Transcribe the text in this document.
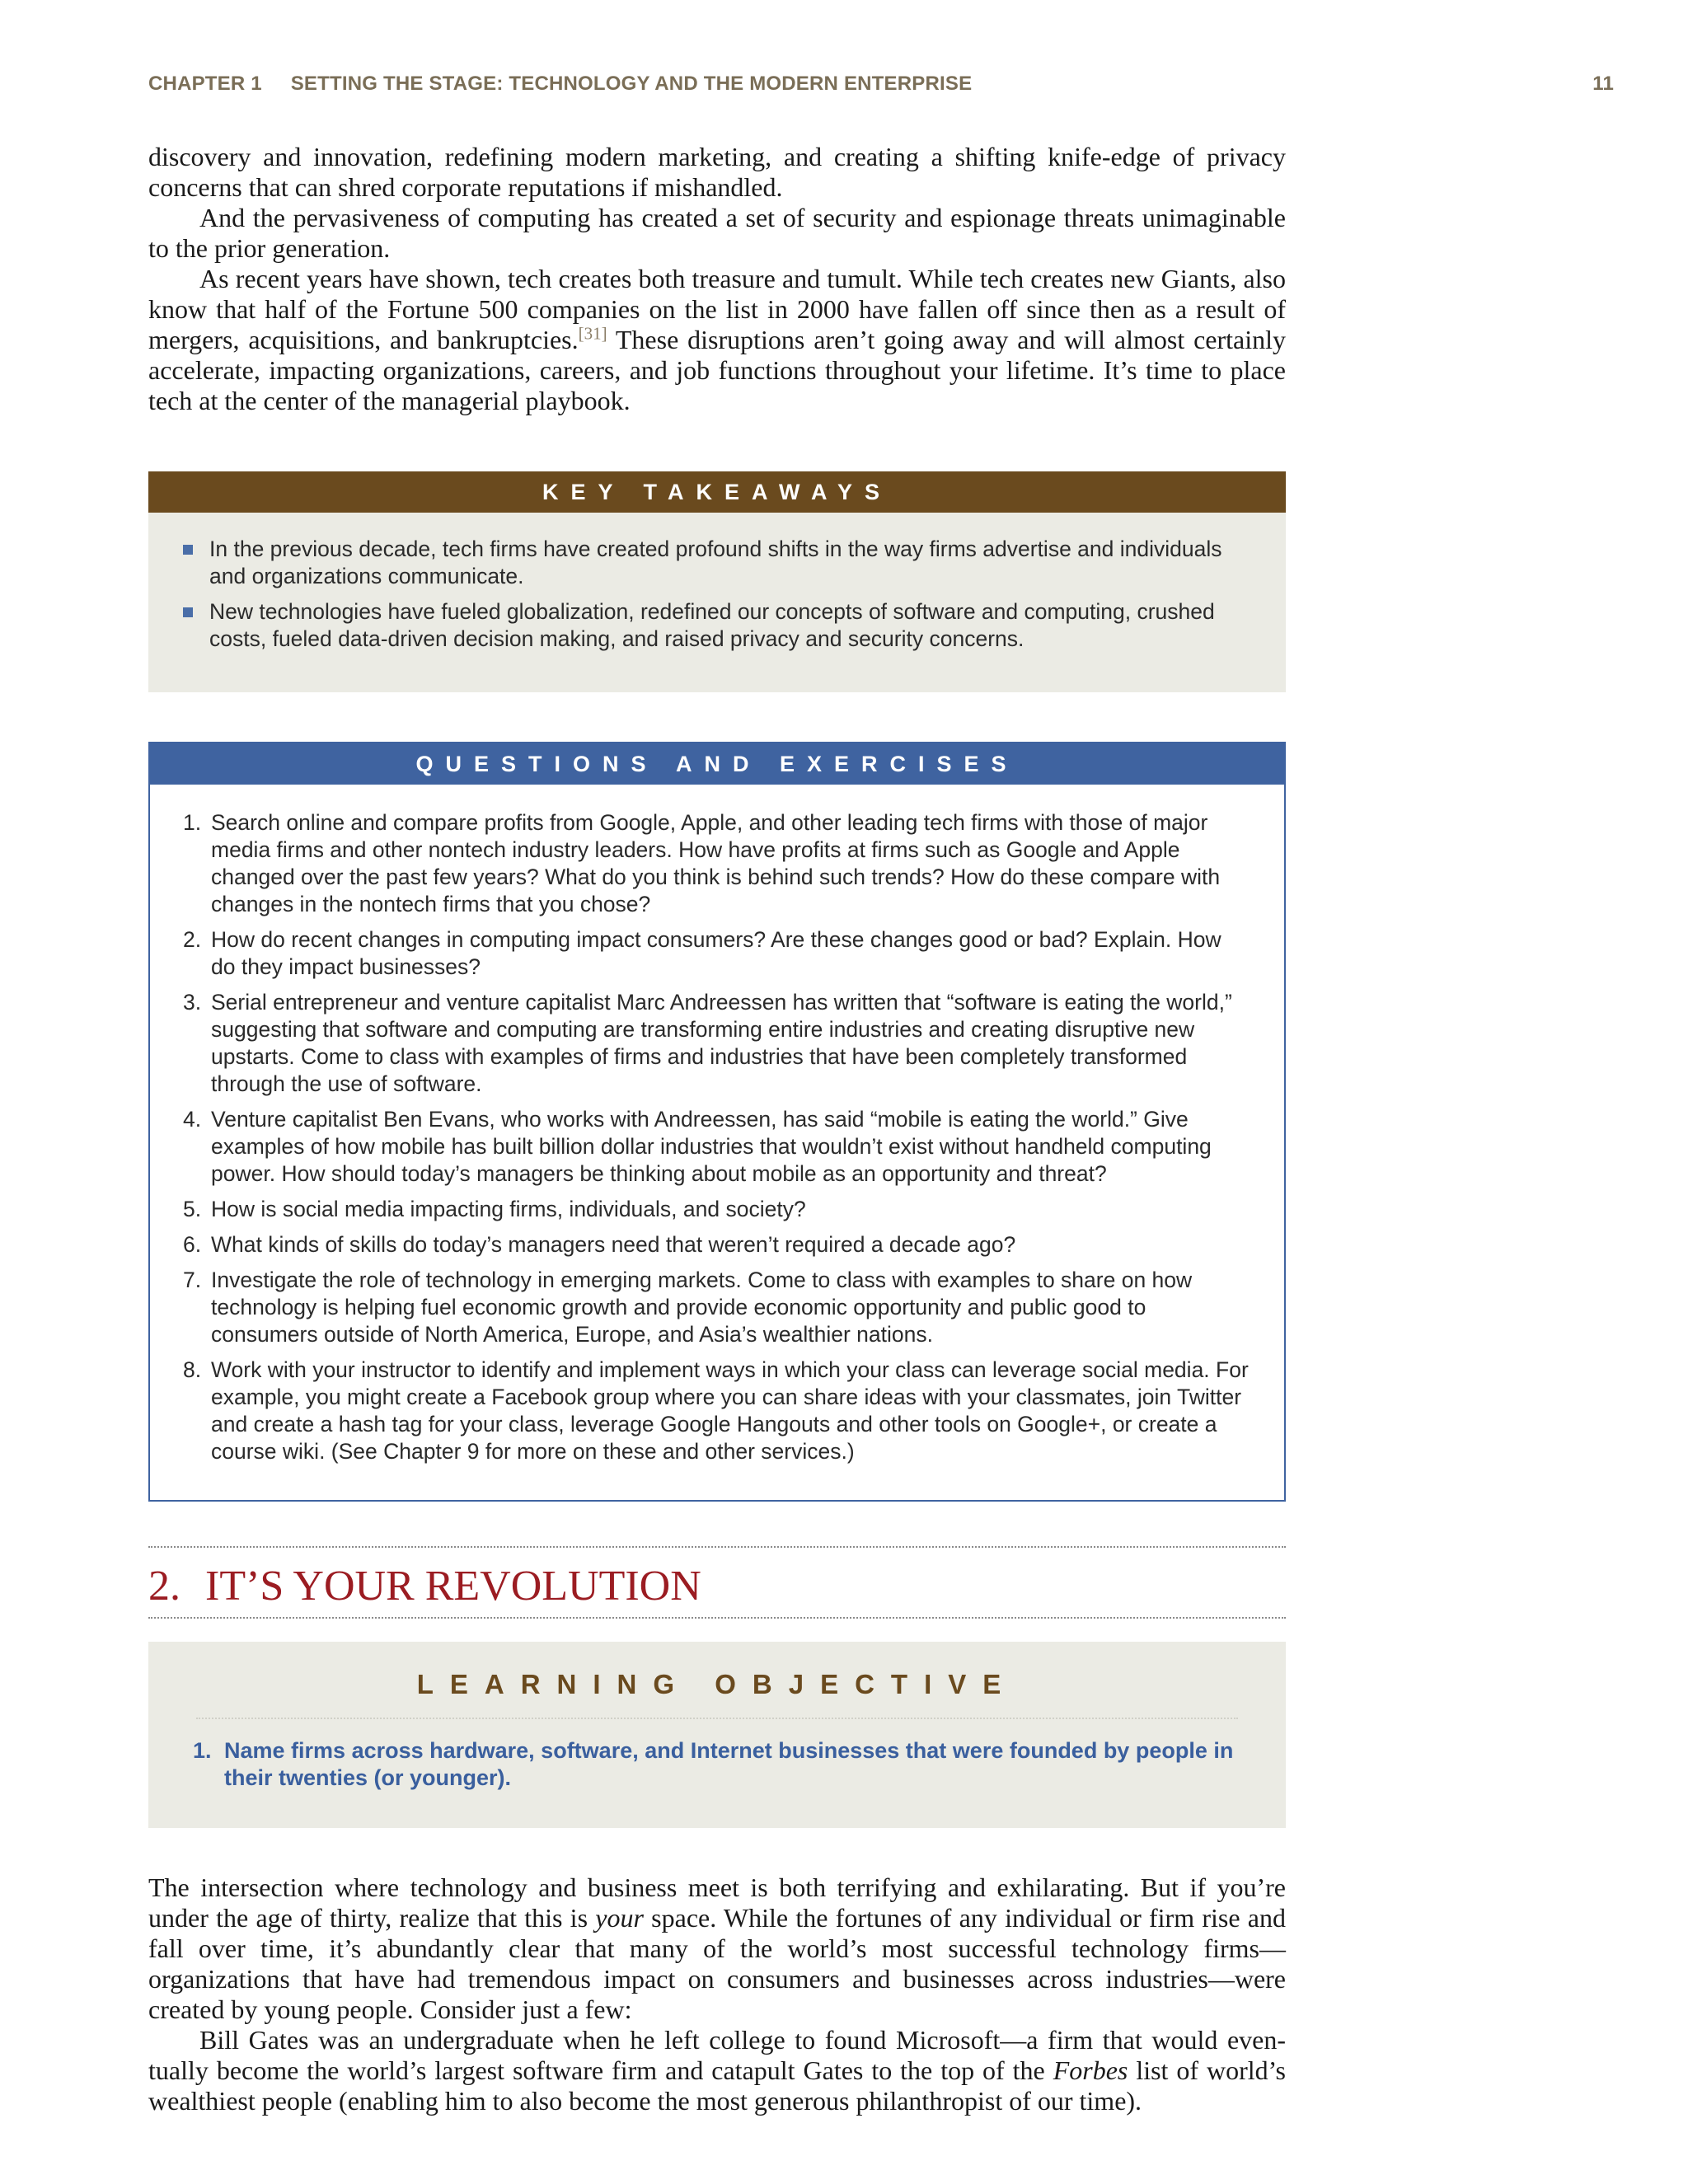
CHAPTER 1 SETTING THE STAGE: TECHNOLOGY AND THE MODERN ENTERPRISE	11

discovery and innovation, redefining modern marketing, and creating a shifting knife-edge of privacy concerns that can shred corporate reputations if mishandled.

And the pervasiveness of computing has created a set of security and espionage threats unimaginable to the prior generation.

As recent years have shown, tech creates both treasure and tumult. While tech creates new Giants, also know that half of the Fortune 500 companies on the list in 2000 have fallen off since then as a result of mergers, acquisitions, and bankruptcies.[31] These disruptions aren’t going away and will almost certainly accelerate, impacting organizations, careers, and job functions throughout your lifetime. It’s time to place tech at the center of the managerial playbook.

KEY TAKEAWAYS
In the previous decade, tech firms have created profound shifts in the way firms advertise and individuals and organizations communicate.
New technologies have fueled globalization, redefined our concepts of software and computing, crushed costs, fueled data-driven decision making, and raised privacy and security concerns.
QUESTIONS AND EXERCISES
1. Search online and compare profits from Google, Apple, and other leading tech firms with those of major media firms and other nontech industry leaders. How have profits at firms such as Google and Apple changed over the past few years? What do you think is behind such trends? How do these compare with changes in the nontech firms that you chose?
2. How do recent changes in computing impact consumers? Are these changes good or bad? Explain. How do they impact businesses?
3. Serial entrepreneur and venture capitalist Marc Andreessen has written that “software is eating the world,” suggesting that software and computing are transforming entire industries and creating disruptive new upstarts. Come to class with examples of firms and industries that have been completely transformed through the use of software.
4. Venture capitalist Ben Evans, who works with Andreessen, has said “mobile is eating the world.” Give examples of how mobile has built billion dollar industries that wouldn’t exist without handheld computing power. How should today’s managers be thinking about mobile as an opportunity and threat?
5. How is social media impacting firms, individuals, and society?
6. What kinds of skills do today’s managers need that weren’t required a decade ago?
7. Investigate the role of technology in emerging markets. Come to class with examples to share on how technology is helping fuel economic growth and provide economic opportunity and public good to consumers outside of North America, Europe, and Asia’s wealthier nations.
8. Work with your instructor to identify and implement ways in which your class can leverage social media. For example, you might create a Facebook group where you can share ideas with your classmates, join Twitter and create a hash tag for your class, leverage Google Hangouts and other tools on Google+, or create a course wiki. (See Chapter 9 for more on these and other services.)
2. IT’S YOUR REVOLUTION
LEARNING OBJECTIVE
1. Name firms across hardware, software, and Internet businesses that were founded by people in their twenties (or younger).

The intersection where technology and business meet is both terrifying and exhilarating. But if you’re under the age of thirty, realize that this is your space. While the fortunes of any individual or firm rise and fall over time, it’s abundantly clear that many of the world’s most successful technology firms—organizations that have had tremendous impact on consumers and businesses across industries—were created by young people. Consider just a few:

Bill Gates was an undergraduate when he left college to found Microsoft—a firm that would eventually become the world’s largest software firm and catapult Gates to the top of the Forbes list of world’s wealthiest people (enabling him to also become the most generous philanthropist of our time).
